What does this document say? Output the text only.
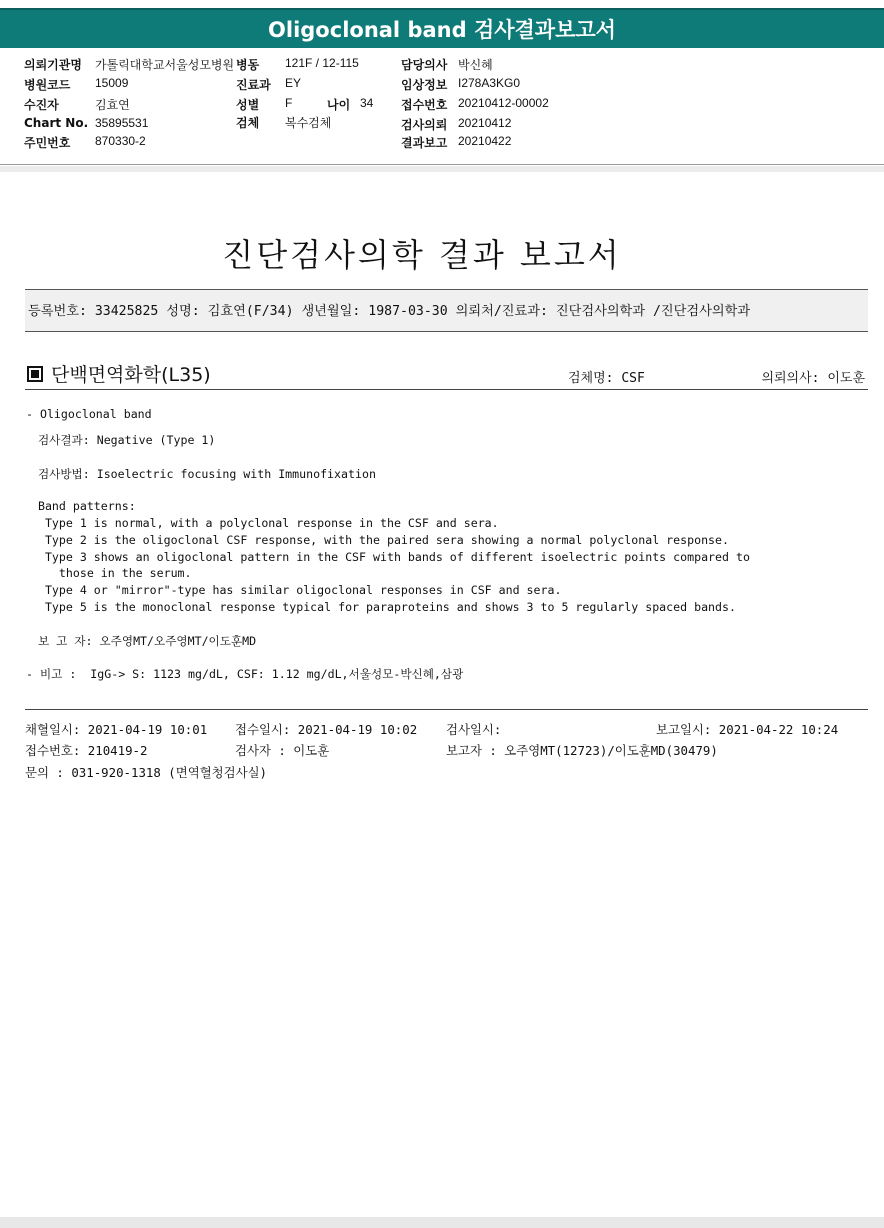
Oligoclonal band 검사결과보고서
의뢰기관명 가톨릭대학교서울성모병원 병동 121F / 12-115	담당의사 박신혜
병원코드 15009	진료과 EY	임상정보 I278A3KG0
수진자	김효연	성별 F	나이 34 접수번호 20210412-00002
Chart No. 35895531	검체 복수검체	검사의뢰 20210412
주민번호 870330-2	결과보고 20210422
진단검사의학 결과 보고서
등록번호: 33425825 성명: 김효연(F/34) 생년월일: 1987-03-30 의뢰처/진료과: 진단검사의학과 /진단검사의학과
단백면역화학(L35)	검체명: CSF	의뢰의사: 이도훈
- Oligoclonal band
검사결과: Negative (Type 1)
검사방법: Isoelectric focusing with Immunofixation
Band patterns:
Type 1 is normal, with a polyclonal response in the CSF and sera.
Type 2 is the oligoclonal CSF response, with the paired sera showing a normal polyclonal response.
Type 3 shows an oligoclonal pattern in the CSF with bands of different isoelectric points compared to
those in the serum.
Type 4 or "mirror"-type has similar oligoclonal responses in CSF and sera.
Type 5 is the monoclonal response typical for paraproteins and shows 3 to 5 regularly spaced bands.
보 고 자: 오주영MT/오주영MT/이도훈MD
- 비고 :  IgG-> S: 1123 mg/dL, CSF: 1.12 mg/dL,서울성모-박신혜,삼광
채혈일시: 2021-04-19 10:01 접수일시: 2021-04-19 10:02 검사일시:	보고일시: 2021-04-22 10:24
접수번호: 210419-2	검사자 : 이도훈	보고자 : 오주영MT(12723)/이도훈MD(30479)
문의 : 031-920-1318 (면역혈청검사실)
